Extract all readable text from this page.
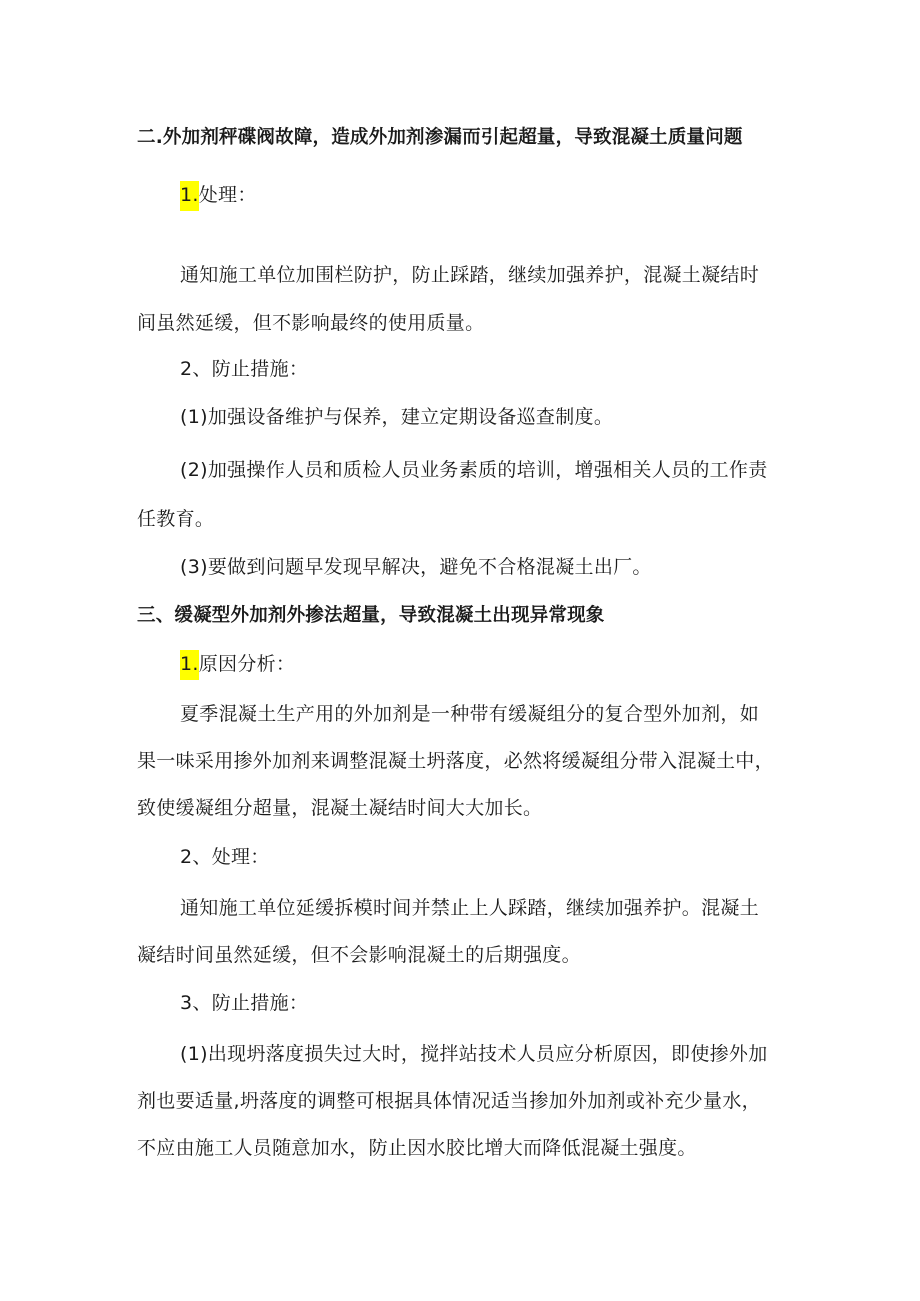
二.外加剂秤碟阀故障，造成外加剂渗漏而引起超量，导致混凝土质量问题
1.处理：
通知施工单位加围栏防护，防止踩踏，继续加强养护，混凝土凝结时
间虽然延缓，但不影响最终的使用质量。
2、防止措施：
(1)加强设备维护与保养，建立定期设备巡查制度。
(2)加强操作人员和质检人员业务素质的培训，增强相关人员的工作责
任教育。
(3)要做到问题早发现早解决，避免不合格混凝土出厂。
三、缓凝型外加剂外掺法超量，导致混凝土出现异常现象
1.原因分析：
夏季混凝土生产用的外加剂是一种带有缓凝组分的复合型外加剂，如
果一味采用掺外加剂来调整混凝土坍落度，必然将缓凝组分带入混凝土中，
致使缓凝组分超量，混凝土凝结时间大大加长。
2、处理：
通知施工单位延缓拆模时间并禁止上人踩踏，继续加强养护。混凝土
凝结时间虽然延缓，但不会影响混凝土的后期强度。
3、防止措施：
(1)出现坍落度损失过大时，搅拌站技术人员应分析原因，即使掺外加
剂也要适量,坍落度的调整可根据具体情况适当掺加外加剂或补充少量水，
不应由施工人员随意加水，防止因水胶比增大而降低混凝土强度。
